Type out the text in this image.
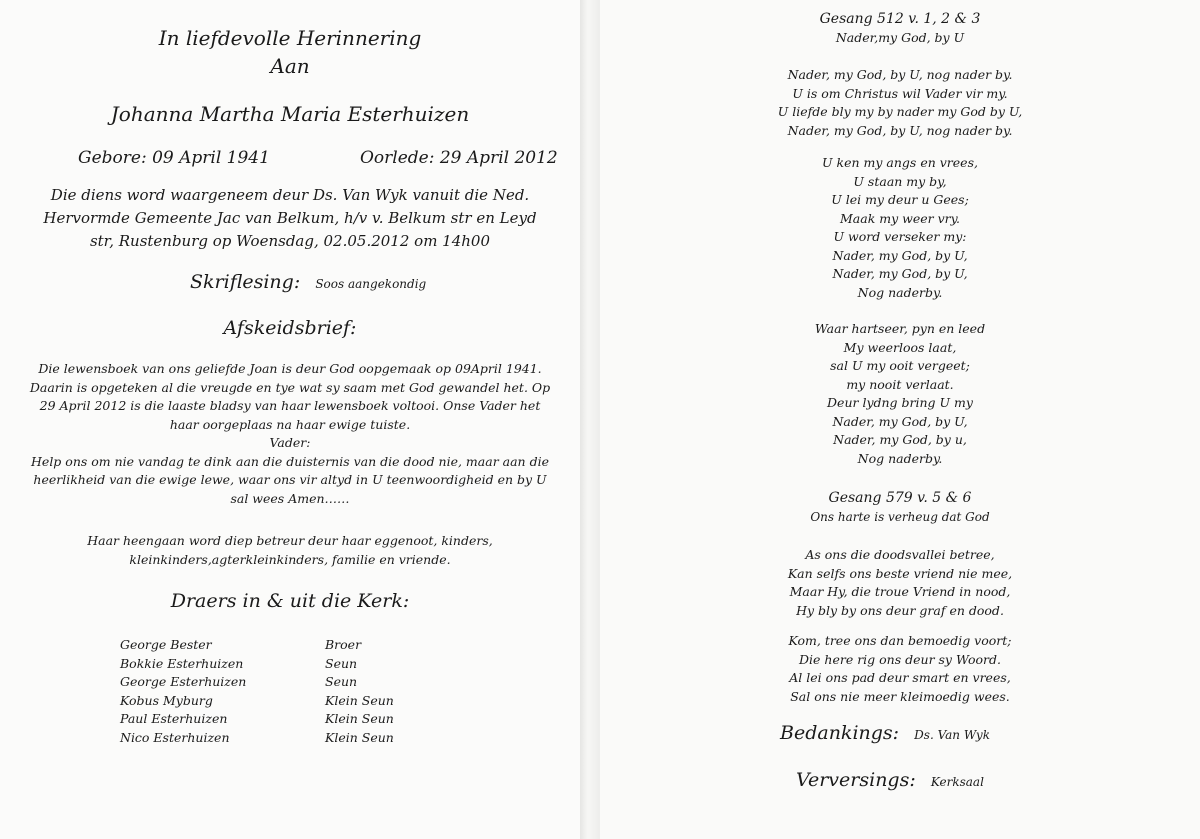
In liefdevolle Herinnering
Aan
Johanna Martha Maria Esterhuizen
Gebore: 09 April 1941	Oorlede: 29 April 2012
Die diens word waargeneem deur Ds. Van Wyk vanuit die Ned. Hervormde Gemeente Jac van Belkum, h/v v. Belkum str en Leyd str, Rustenburg op Woensdag, 02.05.2012 om 14h00
Skriflesing: Soos aangekondig
Afskeidsbrief:
Die lewensboek van ons geliefde Joan is deur God oopgemaak op 09April 1941. Daarin is opgeteken al die vreugde en tye wat sy saam met God gewandel het. Op 29 April 2012 is die laaste bladsy van haar lewensboek voltooi. Onse Vader het haar oorgeplaas na haar ewige tuiste.
Vader:
Help ons om nie vandag te dink aan die duisternis van die dood nie, maar aan die heerlikheid van die ewige lewe, waar ons vir altyd in U teenwoordigheid en by U sal wees Amen……
Haar heengaan word diep betreur deur haar eggenoot, kinders, kleinkinders,agterkleinkinders, familie en vriende.
Draers in & uit die Kerk:
George Bester	Broer
Bokkie Esterhuizen	Seun
George Esterhuizen	Seun
Kobus Myburg	Klein Seun
Paul Esterhuizen	Klein Seun
Nico Esterhuizen	Klein Seun
Gesang 512 v. 1, 2 & 3
Nader,my God, by U
Nader, my God, by U, nog nader by.
U is om Christus wil Vader vir my.
U liefde bly my by nader my God by U,
Nader, my God, by U, nog nader by.
U ken my angs en vrees,
U staan my by,
U lei my deur u Gees;
Maak my weer vry.
U word verseker my:
Nader, my God, by U,
Nader, my God, by U,
Nog naderby.
Waar hartseer, pyn en leed
My weerloos laat,
sal U my ooit vergeet;
my nooit verlaat.
Deur lydng bring U my
Nader, my God, by U,
Nader, my God, by u,
Nog naderby.
Gesang 579 v. 5 & 6
Ons harte is verheug dat God
As ons die doodsvallei betree,
Kan selfs ons beste vriend nie mee,
Maar Hy, die troue Vriend in nood,
Hy bly by ons deur graf en dood.
Kom, tree ons dan bemoedig voort;
Die here rig ons deur sy Woord.
Al lei ons pad deur smart en vrees,
Sal ons nie meer kleimoedig wees.
Bedankings: Ds. Van Wyk
Verversings: Kerksaal
